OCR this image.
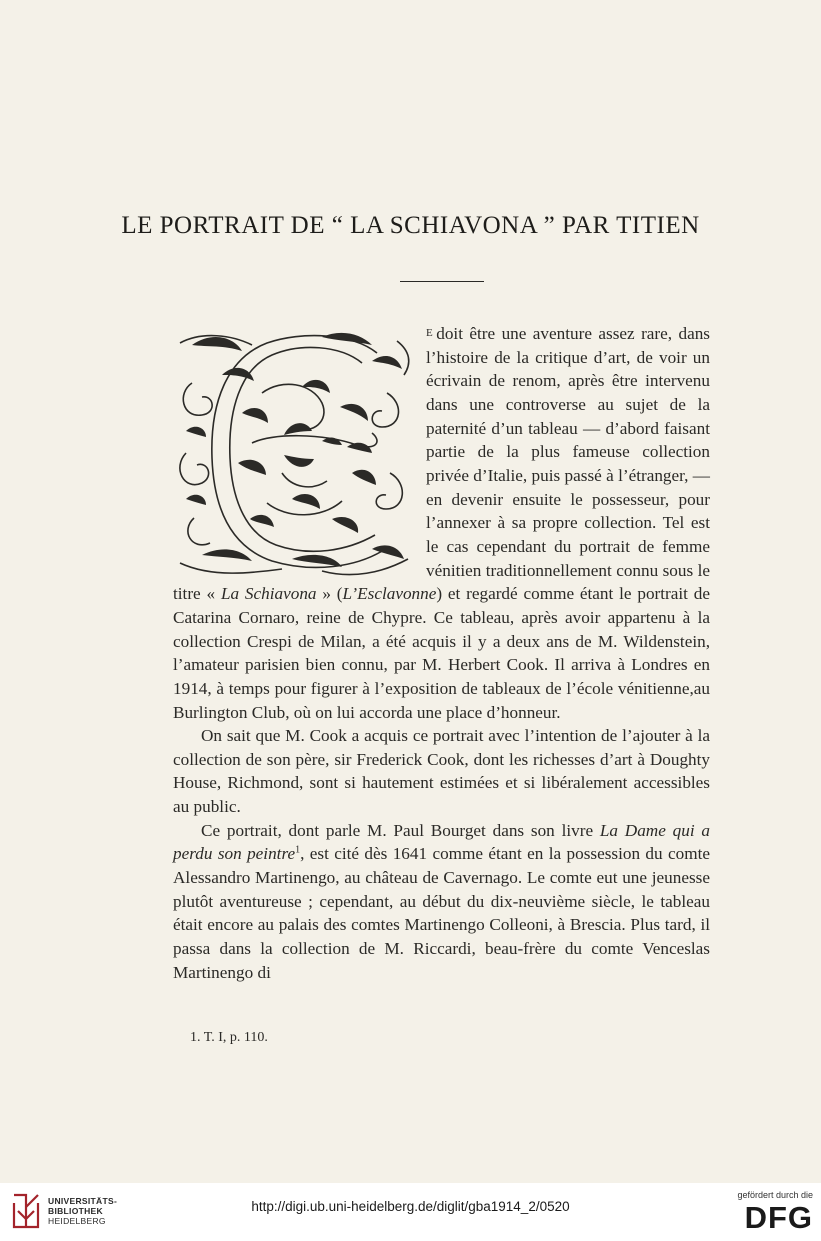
LE PORTRAIT DE “ LA SCHIAVONA ” PAR TITIEN

E doit être une aventure assez rare, dans l’histoire de la critique d’art, de voir un écrivain de renom, après être intervenu dans une controverse au sujet de la paternité d’un tableau — d’abord faisant partie de la plus fameuse collection privée d’Italie, puis passé à l’étranger, — en devenir ensuite le possesseur, pour l’annexer à sa propre collection. Tel est le cas cependant du portrait de femme vénitien traditionnellement connu sous le titre « La Schiavona » (L’Esclavonne) et regardé comme étant le portrait de Catarina Cornaro, reine de Chypre. Ce tableau, après avoir appartenu à la collection Crespi de Milan, a été acquis il y a deux ans de M. Wildenstein, l’amateur parisien bien connu, par M. Herbert Cook. Il arriva à Londres en 1914, à temps pour figurer à l’exposition de tableaux de l’école vénitienne,au Burlington Club, où on lui accorda une place d’honneur.

On sait que M. Cook a acquis ce portrait avec l’intention de l’ajouter à la collection de son père, sir Frederick Cook, dont les richesses d’art à Doughty House, Richmond, sont si hautement estimées et si libéralement accessibles au public.

Ce portrait, dont parle M. Paul Bourget dans son livre La Dame qui a perdu son peintre$^1$, est cité dès 1641 comme étant en la possession du comte Alessandro Martinengo, au château de Cavernago. Le comte eut une jeunesse plutôt aventureuse ; cependant, au début du dix-neuvième siècle, le tableau était encore au palais des comtes Martinengo Colleoni, à Brescia. Plus tard, il passa dans la collection de M. Riccardi, beau-frère du comte Venceslas Martinengo di

1. T. I, p. 110.
UNIVERSITÄTS-
BIBLIOTHEK
HEIDELBERG
http://digi.ub.uni-heidelberg.de/diglit/gba1914_2/0520
gefördert durch die
DFG
